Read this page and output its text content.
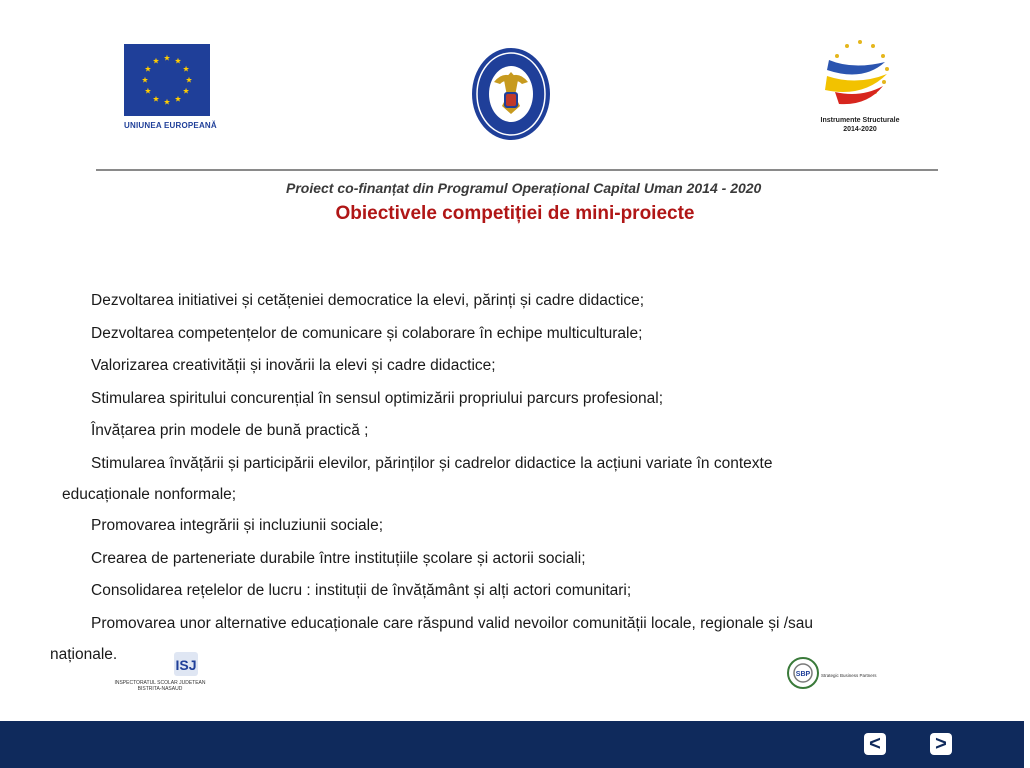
UNIUNEA EUROPEANĂ
Instrumente Structurale
2014-2020
Proiect co-finanțat din Programul Operațional Capital Uman 2014 - 2020
Obiectivele competiției de mini-proiecte
Dezvoltarea initiativei și cetățeniei democratice la elevi, părinți și cadre didactice;
Dezvoltarea competențelor de comunicare și colaborare în echipe multiculturale;
Valorizarea creativității și inovării la elevi și cadre didactice;
Stimularea spiritului concurențial în sensul optimizării propriului parcurs profesional;
Învățarea prin modele de bună practică ;
Stimularea învățării și participării elevilor, părinților și cadrelor didactice la acțiuni variate în contexte
educaționale nonformale;
Promovarea integrării și incluziunii sociale;
Crearea de parteneriate durabile între instituțiile școlare și actorii sociali;
Consolidarea rețelelor de lucru : instituții de învățământ și alți actori comunitari;
Promovarea unor alternative educaționale care răspund valid nevoilor comunității locale, regionale și /sau
naționale.
ISJ
INSPECTORATUL SCOLAR JUDETEAN
BISTRITA-NASAUD
SBP Strategic Business Partners
<	>
